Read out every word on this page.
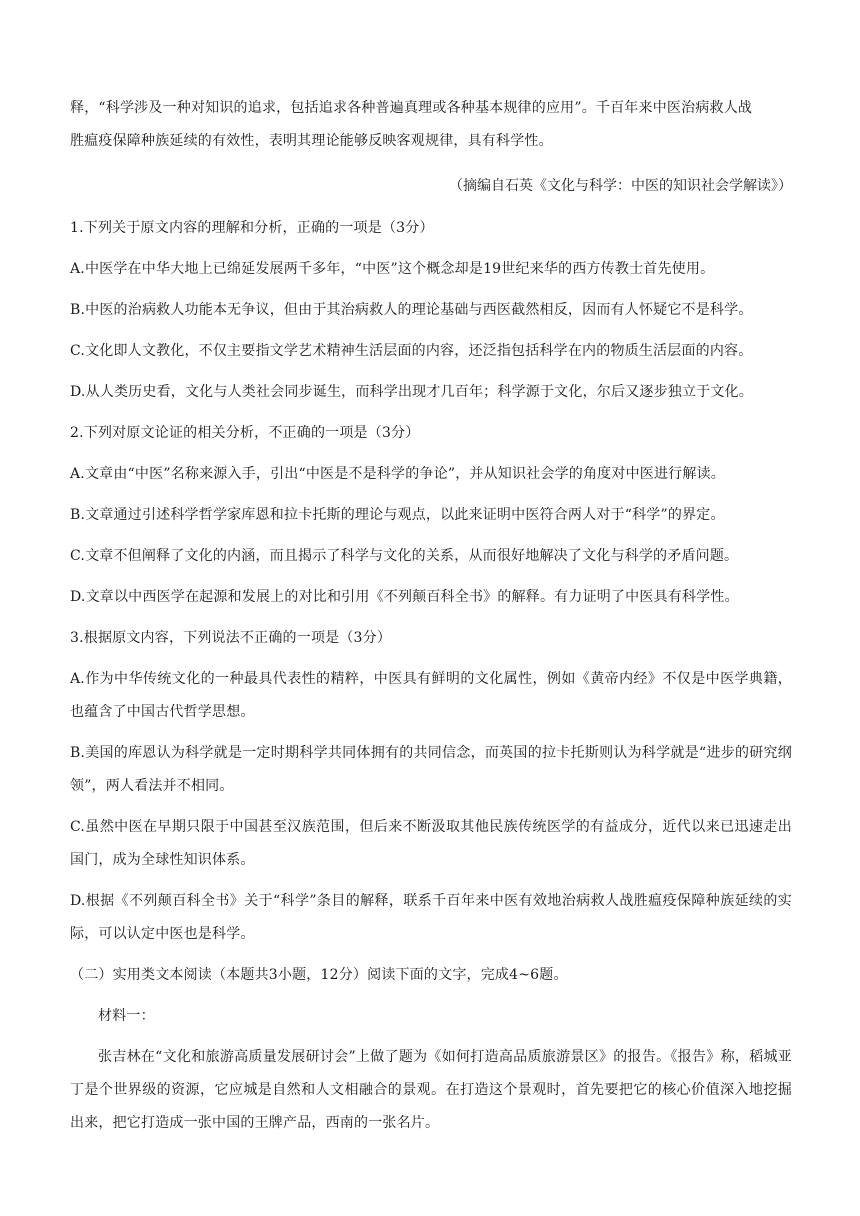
释，“科学涉及一种对知识的追求，包括追求各种普遍真理或各种基本规律的应用”。千百年来中医治病救人战

胜瘟疫保障种族延续的有效性，表明其理论能够反映客观规律，具有科学性。

（摘编自石英《文化与科学：中医的知识社会学解读》）

1.下列关于原文内容的理解和分析，正确的一项是（3分）

A.中医学在中华大地上已绵延发展两千多年，“中医”这个概念却是19世纪来华的西方传教士首先使用。

B.中医的治病救人功能本无争议，但由于其治病救人的理论基础与西医截然相反，因而有人怀疑它不是科学。

C.文化即人文教化，不仅主要指文学艺术精神生活层面的内容，还泛指包括科学在内的物质生活层面的内容。

D.从人类历史看，文化与人类社会同步诞生，而科学出现才几百年；科学源于文化，尔后又逐步独立于文化。

2.下列对原文论证的相关分析，不正确的一项是（3分）

A.文章由“中医”名称来源入手，引出“中医是不是科学的争论”，并从知识社会学的角度对中医进行解读。

B.文章通过引述科学哲学家库恩和拉卡托斯的理论与观点，以此来证明中医符合两人对于“科学”的界定。

C.文章不但阐释了文化的内涵，而且揭示了科学与文化的关系，从而很好地解决了文化与科学的矛盾问题。

D.文章以中西医学在起源和发展上的对比和引用《不列颠百科全书》的解释。有力证明了中医具有科学性。

3.根据原文内容，下列说法不正确的一项是（3分）

A.作为中华传统文化的一种最具代表性的精粹，中医具有鲜明的文化属性，例如《黄帝内经》不仅是中医学典籍，也蕴含了中国古代哲学思想。

B.美国的库恩认为科学就是一定时期科学共同体拥有的共同信念，而英国的拉卡托斯则认为科学就是“进步的研究纲领”，两人看法并不相同。

C.虽然中医在早期只限于中国甚至汉族范围，但后来不断汲取其他民族传统医学的有益成分，近代以来已迅速走出国门，成为全球性知识体系。

D.根据《不列颠百科全书》关于“科学”条目的解释，联系千百年来中医有效地治病救人战胜瘟疫保障种族延续的实际，可以认定中医也是科学。

（二）实用类文本阅读（本题共3小题，12分）阅读下面的文字，完成4~6题。

材料一：

张吉林在“文化和旅游高质量发展研讨会”上做了题为《如何打造高品质旅游景区》的报告。《报告》称，稻城亚丁是个世界级的资源，它应城是自然和人文相融合的景观。在打造这个景观时，首先要把它的核心价值深入地挖掘出来，把它打造成一张中国的王牌产品，西南的一张名片。
